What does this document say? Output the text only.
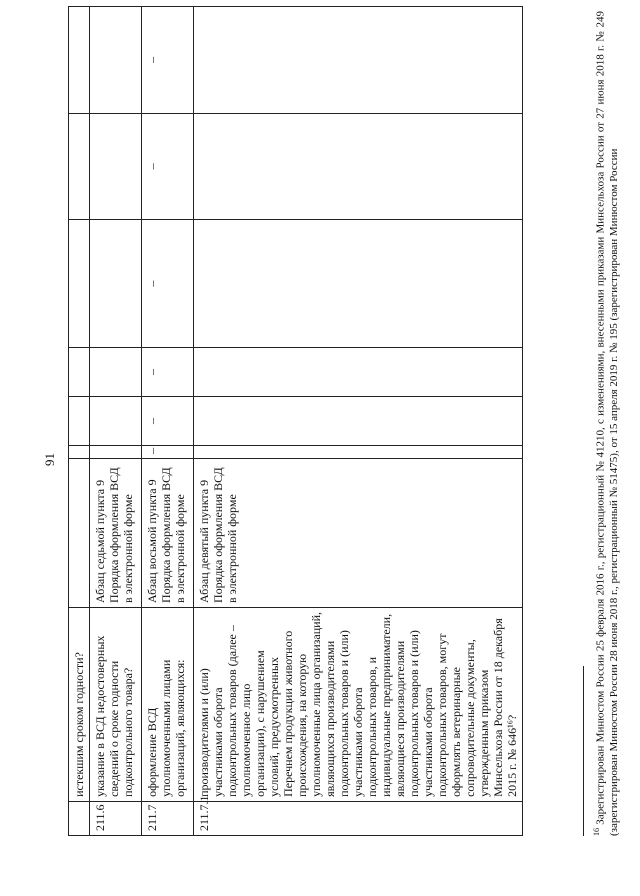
91
	истекшим сроком годности?							
211.6	указание в ВСД недостоверных сведений о сроке годности подконтрольного товара?	Абзац седьмой пункта 9 Порядка оформления ВСД в электронной форме						
211.7	оформление ВСД уполномоченными лицами организаций, являющихся:	Абзац восьмой пункта 9 Порядка оформления ВСД в электронной форме	–	–	–	–	–	–
211.7.1	производителями и (или) участниками оборота подконтрольных товаров (далее – уполномоченное лицо организации), с нарушением условий, предусмотренных Перечнем продукции животного происхождения, на которую уполномоченные лица организаций, являющихся производителями подконтрольных товаров и (или) участниками оборота подконтрольных товаров, и индивидуальные предприниматели, являющиеся производителями подконтрольных товаров и (или) участниками оборота подконтрольных товаров, могут оформлять ветеринарные сопроводительные документы, утвержденным приказом Минсельхоза России от 18 декабря 2015 г. № 646¹⁶?	Абзац девятый пункта 9 Порядка оформления ВСД в электронной форме						
$^{16}$ Зарегистрирован Минюстом России 25 февраля 2016 г., регистрационный № 41210, с изменениями, внесенными приказами Минсельхоза России от 27 июня 2018 г. № 249 (зарегистрирован Минюстом России 28 июня 2018 г., регистрационный № 51475), от 15 апреля 2019 г. № 195 (зарегистрирован Минюстом России
